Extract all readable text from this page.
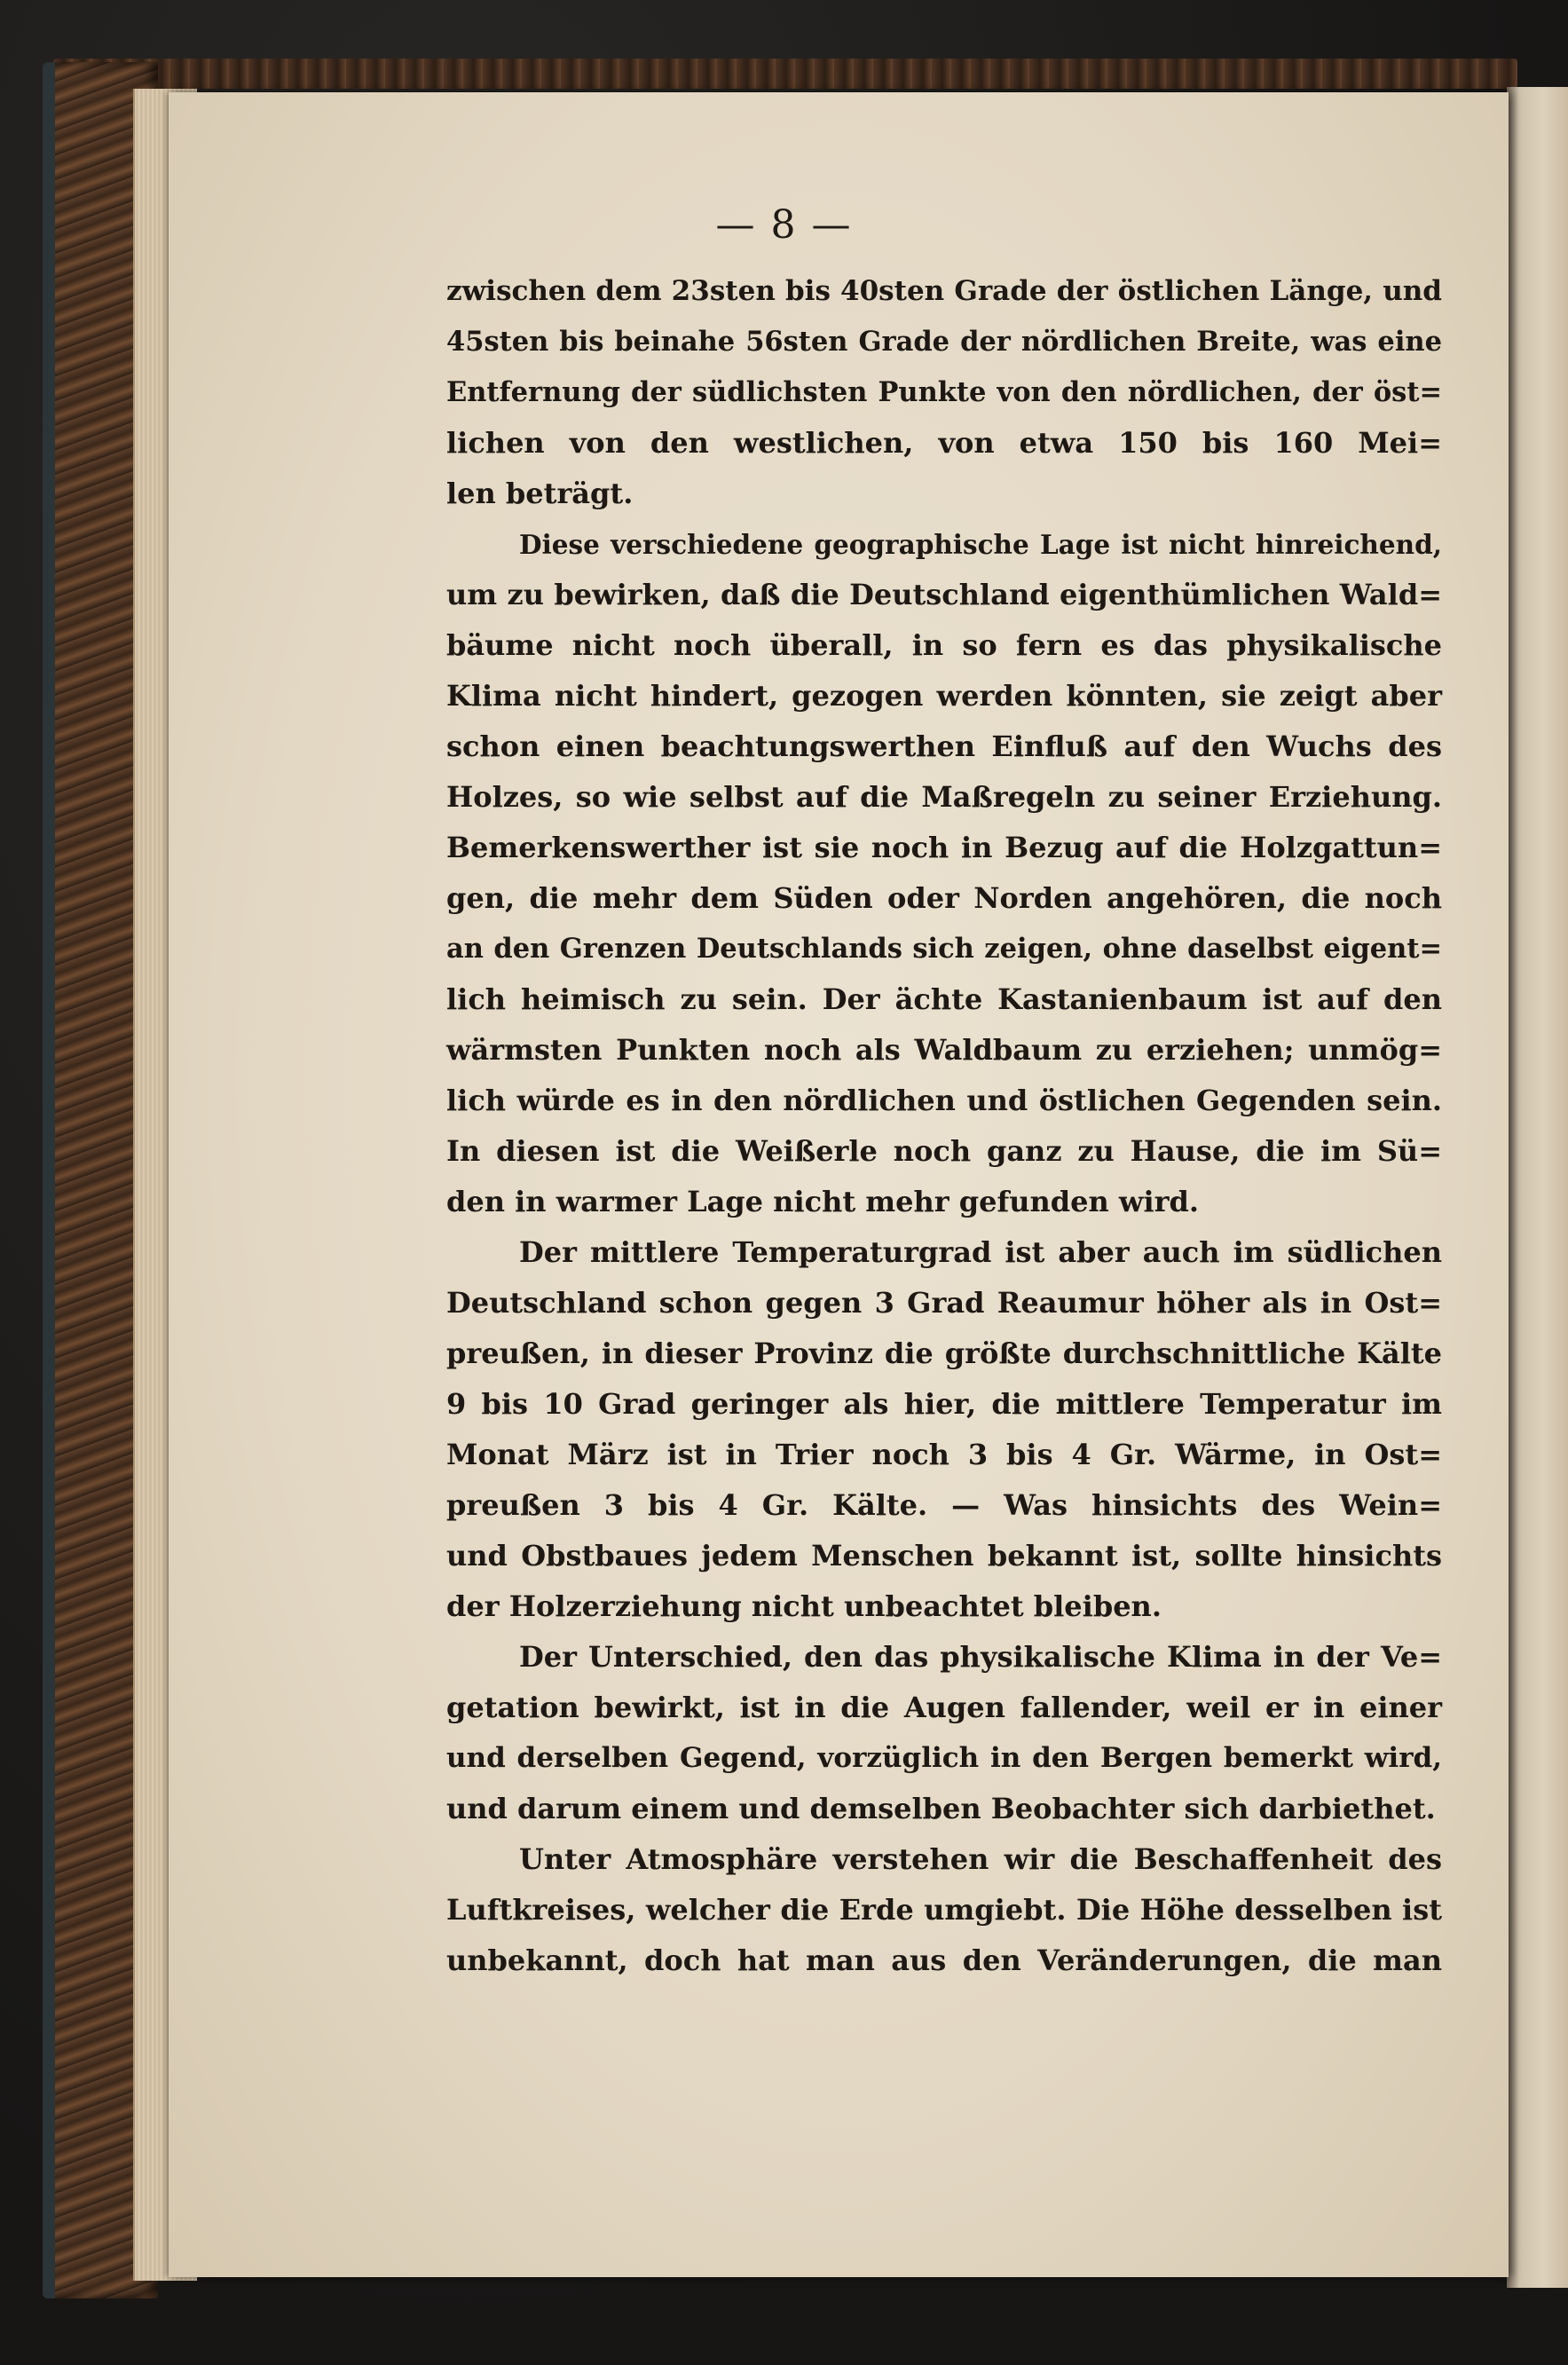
— 8 —
zwischen dem 23sten bis 40sten Grade der östlichen Länge, und
45sten bis beinahe 56sten Grade der nördlichen Breite, was eine
Entfernung der südlichsten Punkte von den nördlichen, der öst=
lichen von den westlichen, von etwa 150 bis 160 Mei=
len beträgt.
Diese verschiedene geographische Lage ist nicht hinreichend,
um zu bewirken, daß die Deutschland eigenthümlichen Wald=
bäume nicht noch überall, in so fern es das physikalische
Klima nicht hindert, gezogen werden könnten, sie zeigt aber
schon einen beachtungswerthen Einfluß auf den Wuchs des
Holzes, so wie selbst auf die Maßregeln zu seiner Erziehung.
Bemerkenswerther ist sie noch in Bezug auf die Holzgattun=
gen, die mehr dem Süden oder Norden angehören, die noch
an den Grenzen Deutschlands sich zeigen, ohne daselbst eigent=
lich heimisch zu sein. Der ächte Kastanienbaum ist auf den
wärmsten Punkten noch als Waldbaum zu erziehen; unmög=
lich würde es in den nördlichen und östlichen Gegenden sein.
In diesen ist die Weißerle noch ganz zu Hause, die im Sü=
den in warmer Lage nicht mehr gefunden wird.
Der mittlere Temperaturgrad ist aber auch im südlichen
Deutschland schon gegen 3 Grad Reaumur höher als in Ost=
preußen, in dieser Provinz die größte durchschnittliche Kälte
9 bis 10 Grad geringer als hier, die mittlere Temperatur im
Monat März ist in Trier noch 3 bis 4 Gr. Wärme, in Ost=
preußen 3 bis 4 Gr. Kälte. — Was hinsichts des Wein=
und Obstbaues jedem Menschen bekannt ist, sollte hinsichts
der Holzerziehung nicht unbeachtet bleiben.
Der Unterschied, den das physikalische Klima in der Ve=
getation bewirkt, ist in die Augen fallender, weil er in einer
und derselben Gegend, vorzüglich in den Bergen bemerkt wird,
und darum einem und demselben Beobachter sich darbiethet.
Unter Atmosphäre verstehen wir die Beschaffenheit des
Luftkreises, welcher die Erde umgiebt. Die Höhe desselben ist
unbekannt, doch hat man aus den Veränderungen, die man
